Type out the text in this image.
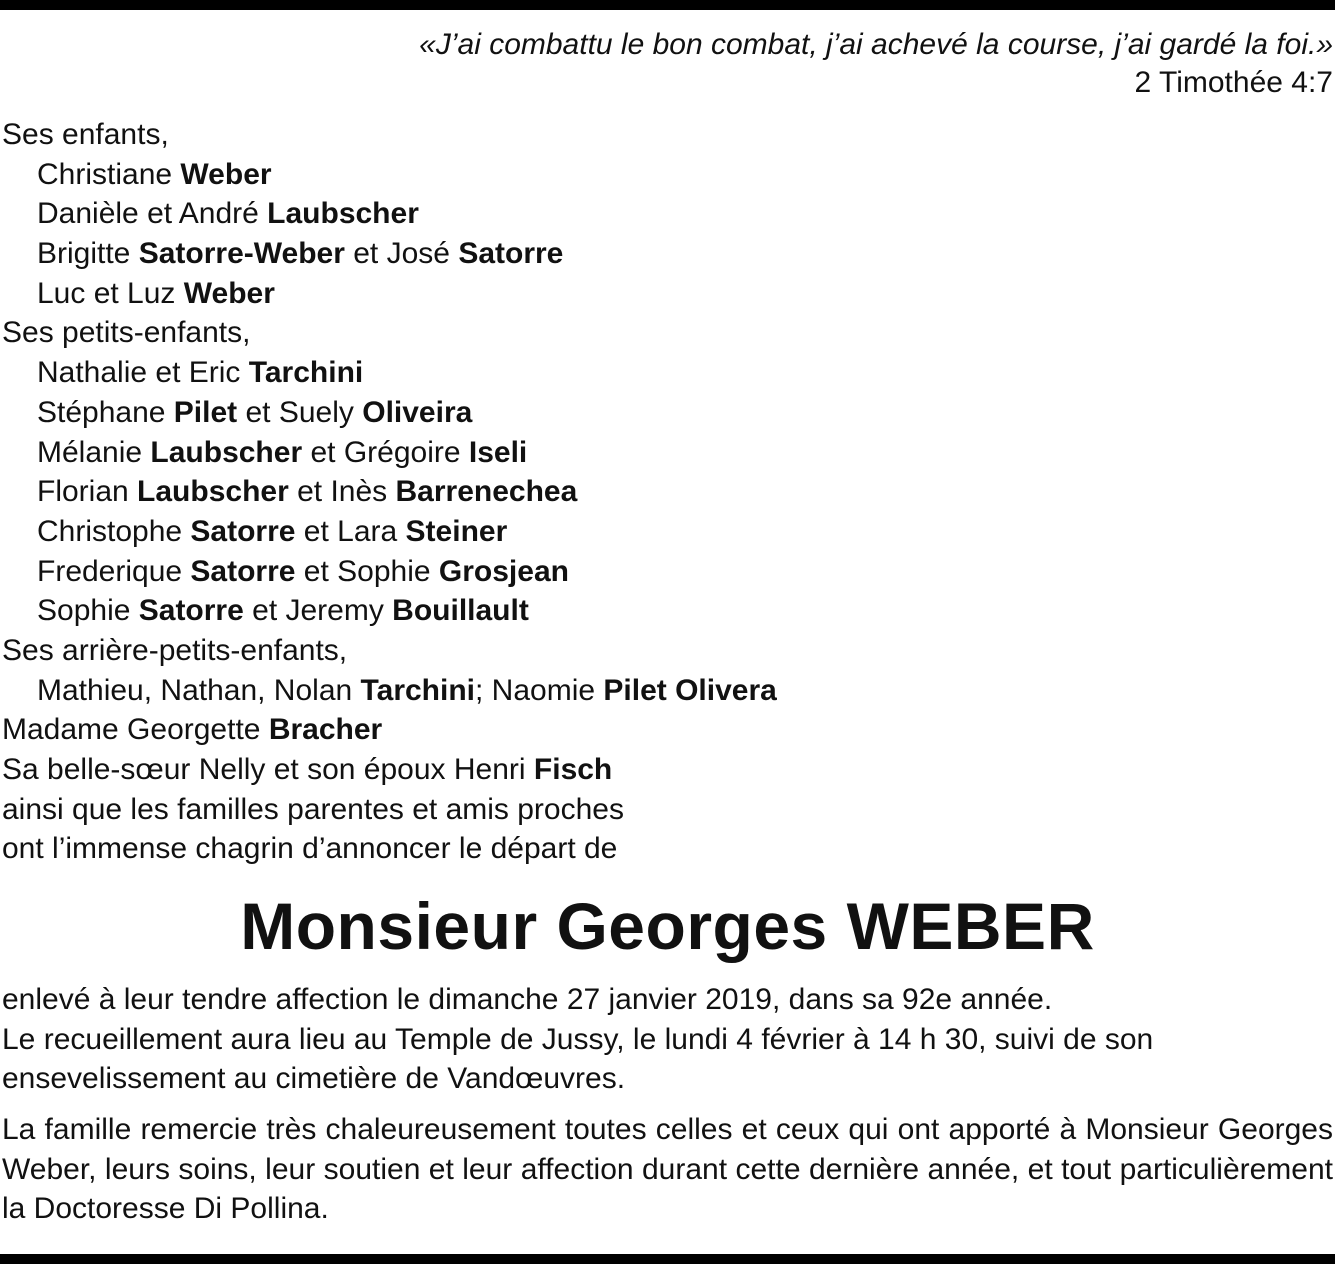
«J’ai combattu le bon combat, j’ai achevé la course, j’ai gardé la foi.»
2 Timothée 4:7
Ses enfants,
Christiane Weber
Danièle et André Laubscher
Brigitte Satorre-Weber et José Satorre
Luc et Luz Weber
Ses petits-enfants,
Nathalie et Eric Tarchini
Stéphane Pilet et Suely Oliveira
Mélanie Laubscher et Grégoire Iseli
Florian Laubscher et Inès Barrenechea
Christophe Satorre et Lara Steiner
Frederique Satorre et Sophie Grosjean
Sophie Satorre et Jeremy Bouillault
Ses arrière-petits-enfants,
Mathieu, Nathan, Nolan Tarchini; Naomie Pilet Olivera
Madame Georgette Bracher
Sa belle-sœur Nelly et son époux Henri Fisch
ainsi que les familles parentes et amis proches
ont l’immense chagrin d’annoncer le départ de
Monsieur Georges WEBER
enlevé à leur tendre affection le dimanche 27 janvier 2019, dans sa 92e année.
Le recueillement aura lieu au Temple de Jussy, le lundi 4 février à 14 h 30, suivi de son ensevelissement au cimetière de Vandœuvres.
La famille remercie très chaleureusement toutes celles et ceux qui ont apporté à Monsieur Georges Weber, leurs soins, leur soutien et leur affection durant cette dernière année, et tout particulièrement la Doctoresse Di Pollina.
